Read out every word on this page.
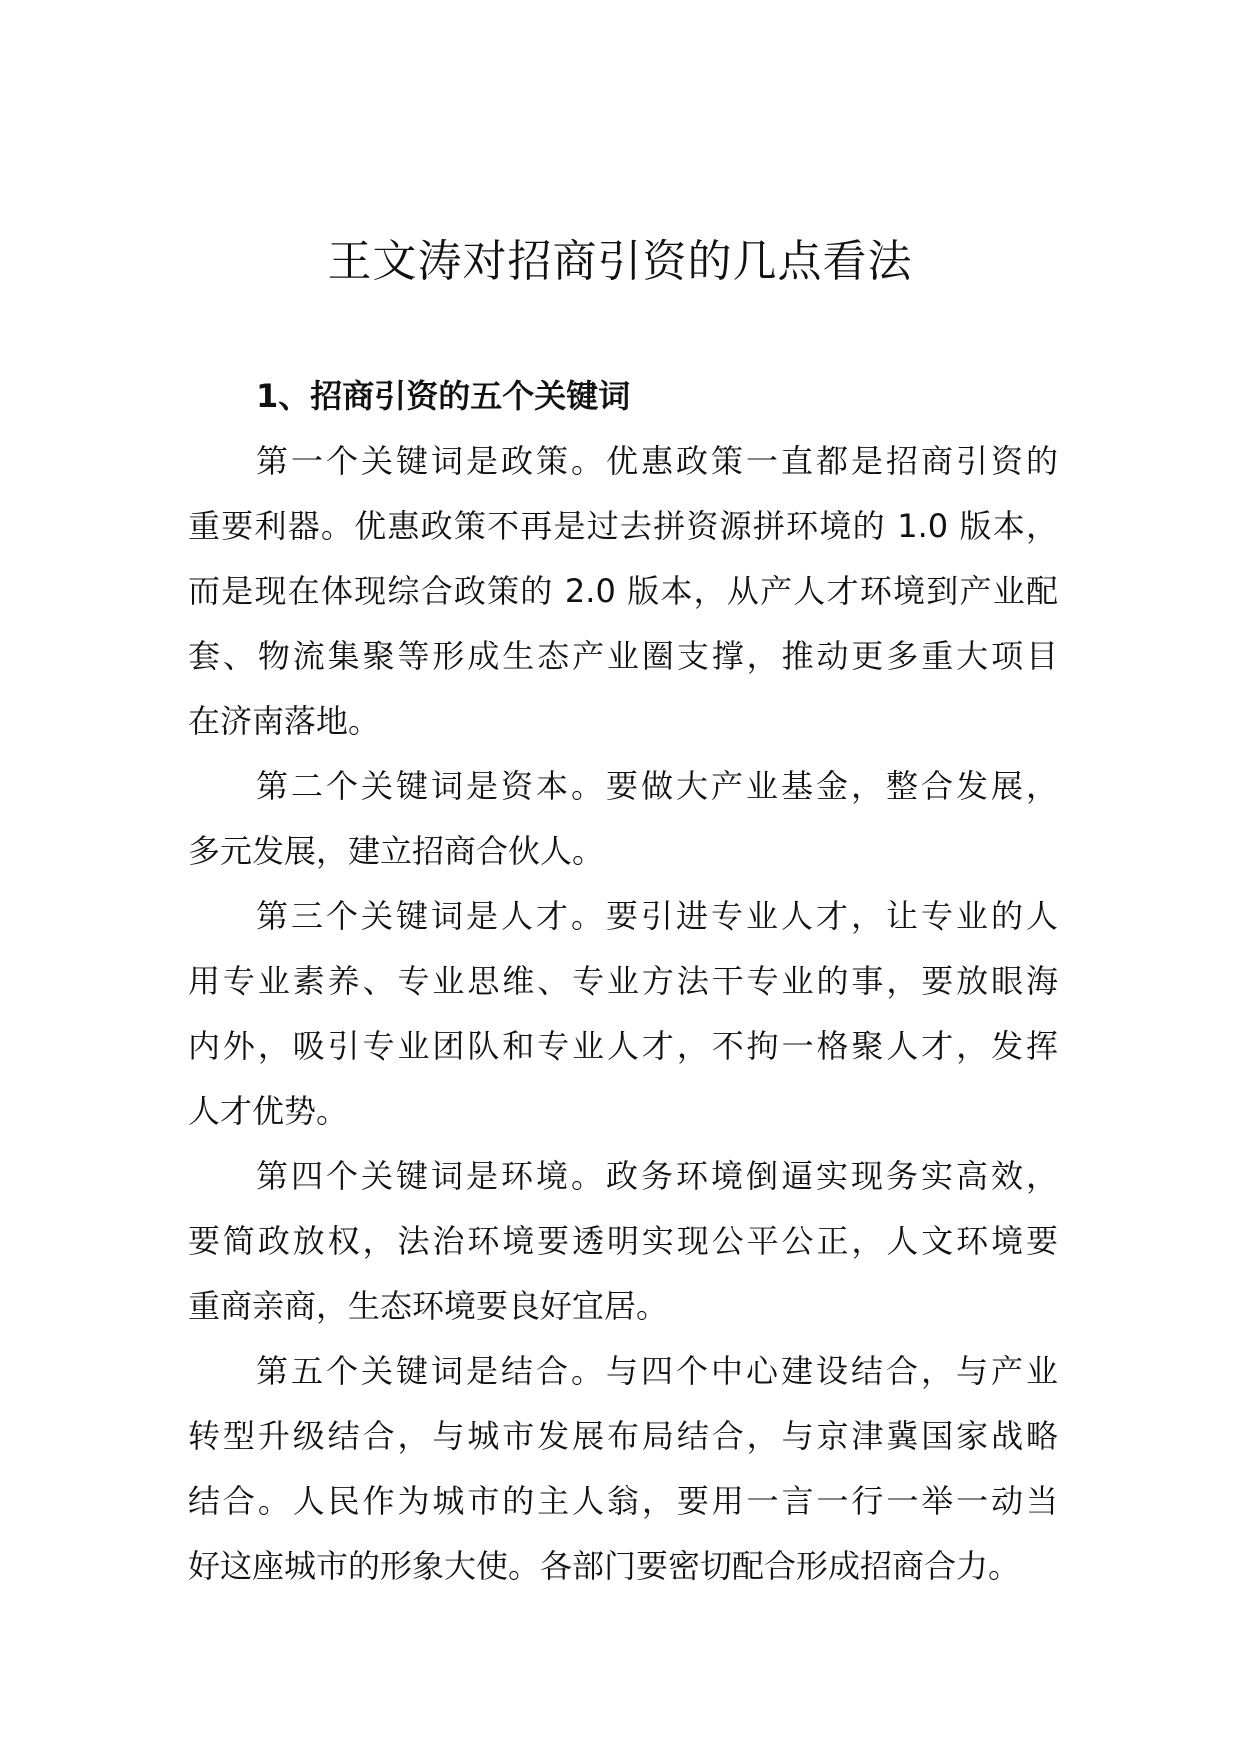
王文涛对招商引资的几点看法
1、招商引资的五个关键词
第一个关键词是政策。优惠政策一直都是招商引资的
重要利器。优惠政策不再是过去拼资源拼环境的 1.0 版本，
而是现在体现综合政策的 2.0 版本，从产人才环境到产业配
套、物流集聚等形成生态产业圈支撑，推动更多重大项目
在济南落地。
第二个关键词是资本。要做大产业基金，整合发展，
多元发展，建立招商合伙人。
第三个关键词是人才。要引进专业人才，让专业的人
用专业素养、专业思维、专业方法干专业的事，要放眼海
内外，吸引专业团队和专业人才，不拘一格聚人才，发挥
人才优势。
第四个关键词是环境。政务环境倒逼实现务实高效，
要简政放权，法治环境要透明实现公平公正，人文环境要
重商亲商，生态环境要良好宜居。
第五个关键词是结合。与四个中心建设结合，与产业
转型升级结合，与城市发展布局结合，与京津冀国家战略
结合。人民作为城市的主人翁，要用一言一行一举一动当
好这座城市的形象大使。各部门要密切配合形成招商合力。
